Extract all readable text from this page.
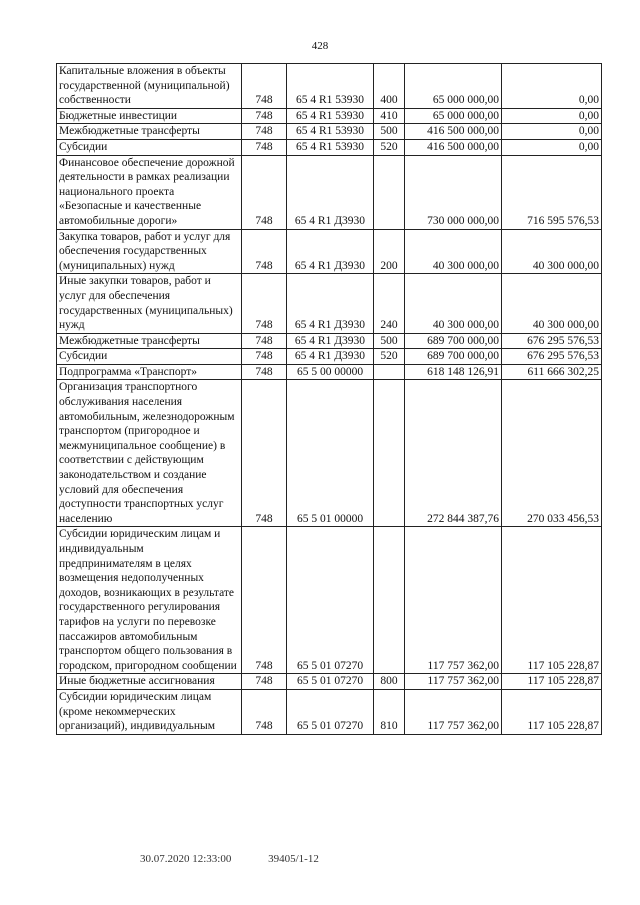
428
Капитальные вложения в объекты государственной (муниципальной) собственности	748	65 4 R1 53930	400	65 000 000,00	0,00
Бюджетные инвестиции	748	65 4 R1 53930	410	65 000 000,00	0,00
Межбюджетные трансферты	748	65 4 R1 53930	500	416 500 000,00	0,00
Субсидии	748	65 4 R1 53930	520	416 500 000,00	0,00
Финансовое обеспечение дорожной деятельности в рамках реализации национального проекта «Безопасные и качественные автомобильные дороги»	748	65 4 R1 Д3930		730 000 000,00	716 595 576,53
Закупка товаров, работ и услуг для обеспечения государственных (муниципальных) нужд	748	65 4 R1 Д3930	200	40 300 000,00	40 300 000,00
Иные закупки товаров, работ и услуг для обеспечения государственных (муниципальных) нужд	748	65 4 R1 Д3930	240	40 300 000,00	40 300 000,00
Межбюджетные трансферты	748	65 4 R1 Д3930	500	689 700 000,00	676 295 576,53
Субсидии	748	65 4 R1 Д3930	520	689 700 000,00	676 295 576,53
Подпрограмма «Транспорт»	748	65 5 00 00000		618 148 126,91	611 666 302,25
Организация транспортного обслуживания населения автомобильным, железнодорожным транспортом (пригородное и межмуниципальное сообщение) в соответствии с действующим законодательством и создание условий для обеспечения доступности транспортных услуг населению	748	65 5 01 00000		272 844 387,76	270 033 456,53
Субсидии юридическим лицам и индивидуальным предпринимателям в целях возмещения недополученных доходов, возникающих в результате государственного регулирования тарифов на услуги по перевозке пассажиров автомобильным транспортом общего пользования в городском, пригородном сообщении	748	65 5 01 07270		117 757 362,00	117 105 228,87
Иные бюджетные ассигнования	748	65 5 01 07270	800	117 757 362,00	117 105 228,87
Субсидии юридическим лицам (кроме некоммерческих организаций), индивидуальным	748	65 5 01 07270	810	117 757 362,00	117 105 228,87
30.07.2020 12:33:00	39405/1-12
